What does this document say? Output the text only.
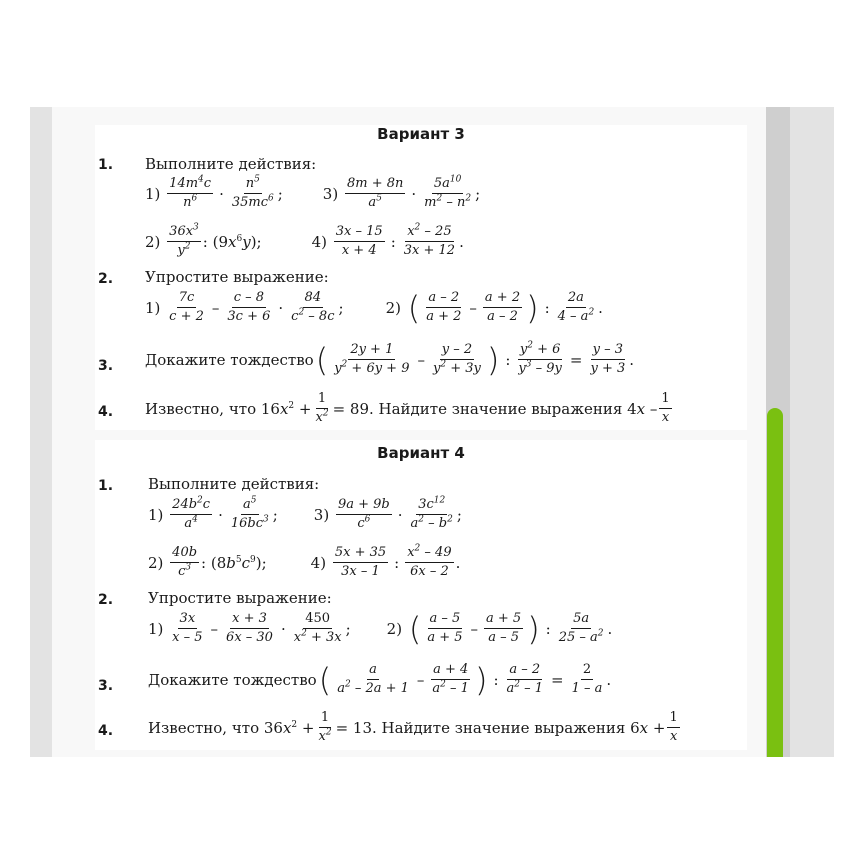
Вариант 3
1. Выполните действия:
1)
$14m^4c$
$n^6$ ·
$n^5$
$35mc^6$ ;	3)
8m + 8n
$a^5$ ·
$5a^{10}$
$m^2 - n^2$ ;
2)
$36x^3$
$y^2$ : $(9x^6y)$;	4)
3x – 15
x + 4 :
$x^2 - 25$
3x + 12 .
2. Упростите выражение:
1)
7c
c + 2 –
c – 8
3c + 6 ·
84
$c^2 - 8c$ ;	2) ( a – 2
a + 2 –
a + 2
a – 2 ) :
2a
$4 - a^2$ .
3. Докажите тождество ( 2y + 1
$y^2 + 6y + 9$ –
y – 2
$y^2 + 3y$ ) : $\frac{y^2 + 6}{y^3 - 9y} = \frac{y - 3}{y + 3}$ .
4. Известно, что $16x^2 + \frac{1}{x^2} = 89$. Найдите значение выражения 4x –
1
x
Вариант 4
1. Выполните действия:
1)
$24b^2c$
$a^4$ ·
$a^5$
$16bc^3$ ; 3)
9a + 9b
$c^6$ ·
$3c^{12}$
$a^2 - b^2$ ;
2)
40b
$c^3$ : $(8b^5c^9)$;	4)
5x + 35
3x – 1 :
$x^2 - 49$
6x – 2 .
2. Упростите выражение:
1)
3x
x – 5 –
x + 3
6x – 30 ·
450
$x^2 + 3x$ ; 2) ( a – 5
a + 5 –
a + 5
a – 5 ) :
5a
$25 - a^2$ .
3. Докажите тождество (	a
$a^2 - 2a + 1$ –
a + 4
$a^2 - 1$ ) : $\frac{a - 2}{a^2 - 1} = \frac{2}{1 - a}$ .
4. Известно, что $36x^2 + \frac{1}{x^2} = 13$. Найдите значение выражения $6x + \frac{1}{x}$
